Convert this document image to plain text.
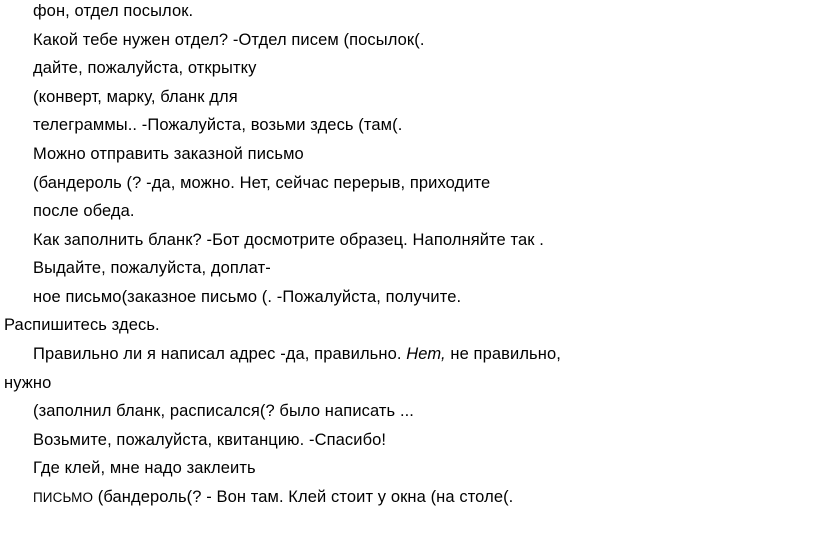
фон, отдел посылок.
Какой тебе нужен отдел? -Отдел писем (посылок(.
дайте, пожалуйста, открытку
(конверт, марку, бланк для
телеграммы.. -Пожалуйста, возьми здесь (там(.
Можно отправить заказной письмо
(бандероль (? -да, можно. Нет, сейчас перерыв, приходите
после обеда.
Как заполнить бланк? -Бот досмотрите образец. Наполняйте так .
Выдайте, пожалуйста, доплат-
ное письмо(заказное письмо (. -Пожалуйста, получите.
Распишитесь здесь.
Правильно ли я написал адрес -да, правильно. Нет, не правильно,
нужно
(заполнил бланк, расписался(? было написать ...
Возьмите, пожалуйста, квитанцию. -Спасибо!
Где клей, мне надо заклеить
ПИСЬМО (бандероль(? - Вон там. Клей стоит у окна (на столе(.
